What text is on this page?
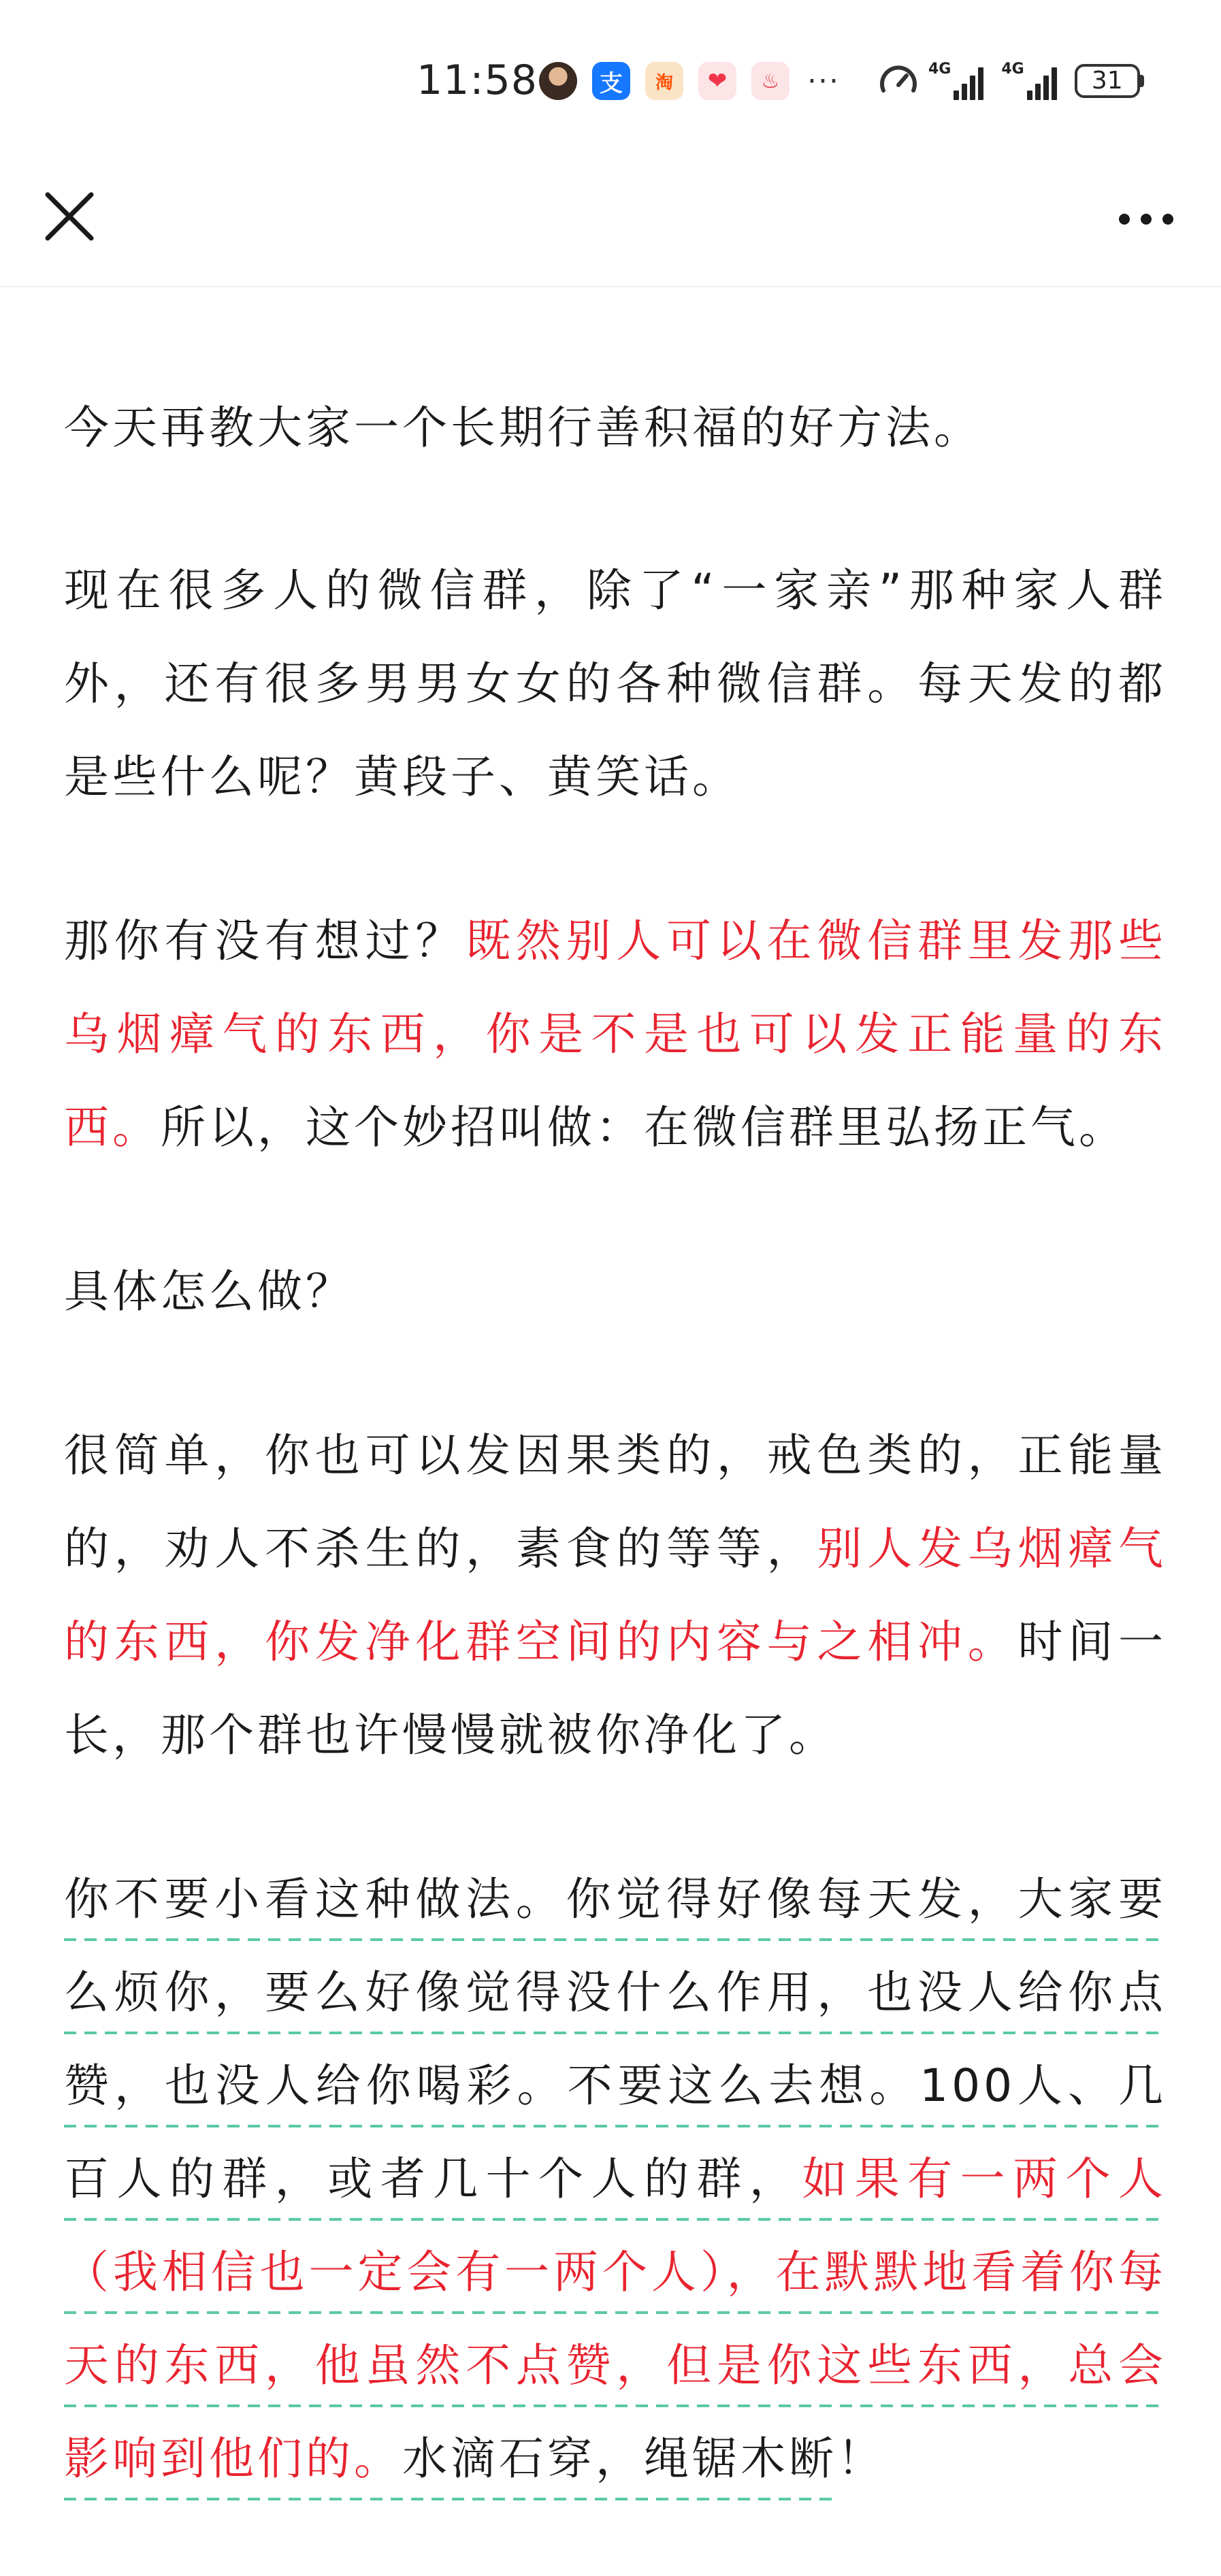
11:58	支	淘	❤	♨ ···	4G	4G	31

今天再教大家一个长期行善积福的好方法。

现在很多人的微信群，除了“一家亲”那种家人群外，还有很多男男女女的各种微信群。每天发的都是些什么呢？黄段子、黄笑话。

那你有没有想过？既然别人可以在微信群里发那些乌烟瘴气的东西，你是不是也可以发正能量的东西。所以，这个妙招叫做：在微信群里弘扬正气。

具体怎么做？

很简单，你也可以发因果类的，戒色类的，正能量的，劝人不杀生的，素食的等等，别人发乌烟瘴气的东西，你发净化群空间的内容与之相冲。时间一长，那个群也许慢慢就被你净化了。

你不要小看这种做法。你觉得好像每天发，大家要么烦你，要么好像觉得没什么作用，也没人给你点赞，也没人给你喝彩。不要这么去想。100人、几百人的群，或者几十个人的群，如果有一两个人（我相信也一定会有一两个人），在默默地看着你每天的东西，他虽然不点赞，但是你这些东西，总会影响到他们的。水滴石穿，绳锯木断！
